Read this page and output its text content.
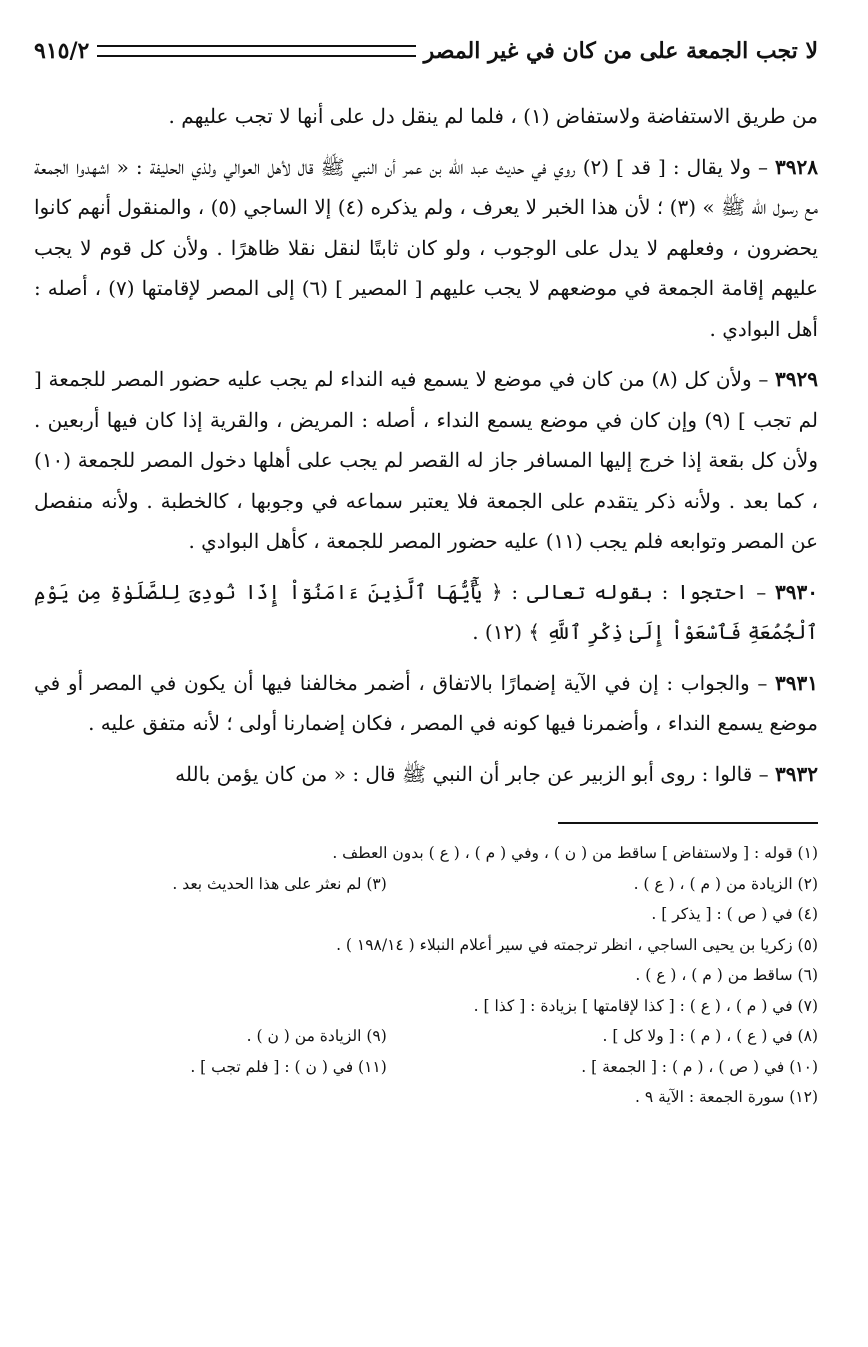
لا تجب الجمعة على من كان في غير المصر
٩١٥/٢

من طريق الاستفاضة ولاستفاض (١) ، فلما لم ينقل دل على أنها لا تجب عليهم .

٣٩٢٨ – ولا يقال : [ قد ] (٢) روي في حديث عبد الله بن عمر أن النبي ﷺ قال لأهل العوالي ولذي الحليفة : « اشهدوا الجمعة مع رسول الله ﷺ » (٣) ؛ لأن هذا الخبر لا يعرف ، ولم يذكره (٤) إلا الساجي (٥) ، والمنقول أنهم كانوا يحضرون ، وفعلهم لا يدل على الوجوب ، ولو كان ثابتًا لنقل نقلا ظاهرًا . ولأن كل قوم لا يجب عليهم إقامة الجمعة في موضعهم لا يجب عليهم [ المصير ] (٦) إلى المصر لإقامتها (٧) ، أصله : أهل البوادي .

٣٩٢٩ – ولأن كل (٨) من كان في موضع لا يسمع فيه النداء لم يجب عليه حضور المصر للجمعة [ لم تجب ] (٩) وإن كان في موضع يسمع النداء ، أصله : المريض ، والقرية إذا كان فيها أربعين . ولأن كل بقعة إذا خرج إليها المسافر جاز له القصر لم يجب على أهلها دخول المصر للجمعة (١٠) ، كما بعد . ولأنه ذكر يتقدم على الجمعة فلا يعتبر سماعه في وجوبها ، كالخطبة . ولأنه منفصل عن المصر وتوابعه فلم يجب (١١) عليه حضور المصر للجمعة ، كأهل البوادي .

٣٩٣٠ – احتجوا : بقوله تعالى : ﴿ يَٰٓأَيُّهَا ٱلَّذِينَ ءَامَنُوٓاْ إِذَا نُودِىَ لِلصَّلَوٰةِ مِن يَوْمِ ٱلْجُمُعَةِ فَٱسْعَوْاْ إِلَىٰ ذِكْرِ ٱللَّهِ ﴾ (١٢) .

٣٩٣١ – والجواب : إن في الآية إضمارًا بالاتفاق ، أضمر مخالفنا فيها أن يكون في المصر أو في موضع يسمع النداء ، وأضمرنا فيها كونه في المصر ، فكان إضمارنا أولى ؛ لأنه متفق عليه .

٣٩٣٢ – قالوا : روى أبو الزبير عن جابر أن النبي ﷺ قال : « من كان يؤمن بالله

(١) قوله : [ ولاستفاض ] ساقط من ( ن ) ، وفي ( م ) ، ( ع ) بدون العطف .
(٢) الزيادة من ( م ) ، ( ع ) .
(٣) لم نعثر على هذا الحديث بعد .
(٤) في ( ص ) : [ يذكر ] .
(٥) زكريا بن يحيى الساجي ، انظر ترجمته في سير أعلام النبلاء ( ١٩٨/١٤ ) .
(٦) ساقط من ( م ) ، ( ع ) .
(٧) في ( م ) ، ( ع ) : [ كذا لإقامتها ] بزيادة : [ كذا ] .
(٨) في ( ع ) ، ( م ) : [ ولا كل ] .
(٩) الزيادة من ( ن ) .
(١٠) في ( ص ) ، ( م ) : [ الجمعة ] .
(١١) في ( ن ) : [ فلم تجب ] .
(١٢) سورة الجمعة : الآية ٩ .
